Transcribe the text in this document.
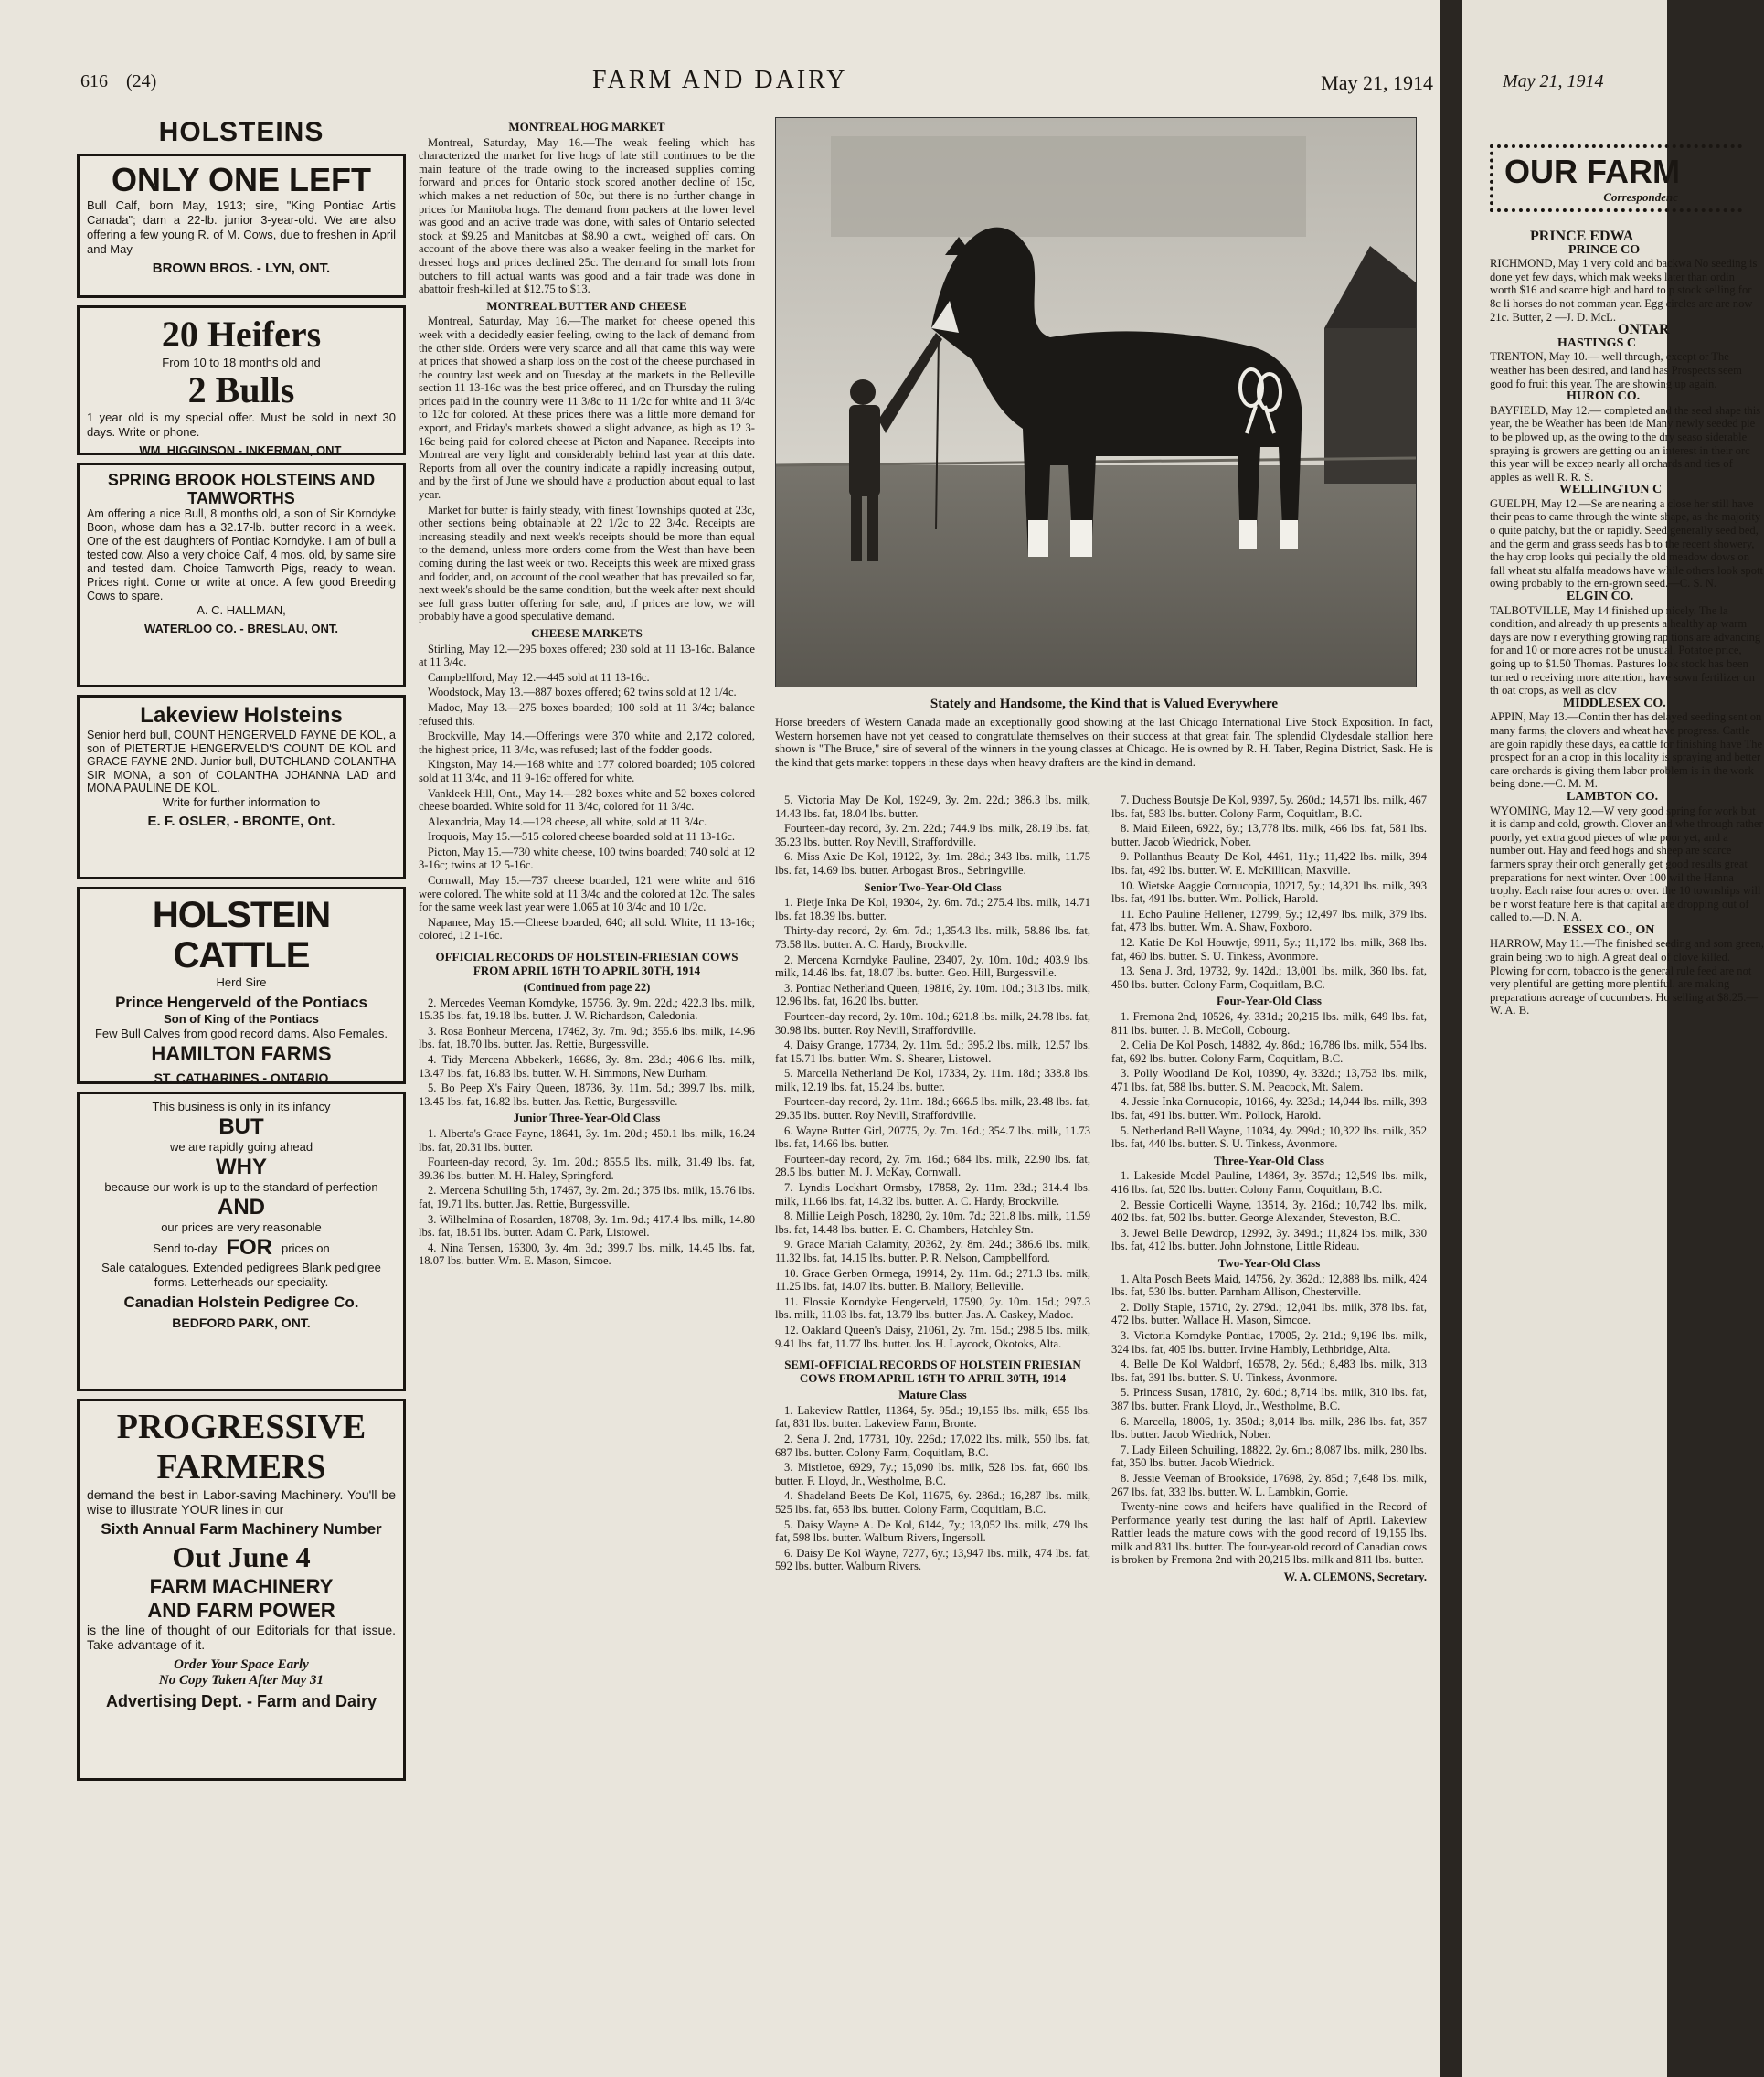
616 (24)	FARM AND DAIRY	May 21, 1914
HOLSTEINS
ONLY ONE LEFT
Bull Calf, born May, 1913; sire, "King Pontiac Artis Canada"; dam a 22-lb. junior 3-year-old. We are also offering a few young R. of M. Cows, due to freshen in April and May
BROWN BROS. - LYN, ONT.
20 Heifers
From 10 to 18 months old and
2 Bulls
1 year old is my special offer. Must be sold in next 30 days. Write or phone.
WM. HIGGINSON - INKERMAN, ONT.
SPRING BROOK HOLSTEINS AND TAMWORTHS
Am offering a nice Bull, 8 months old, a son of Sir Korndyke Boon, whose dam has a 32.17-lb. butter record in a week. One of the est daughters of Pontiac Korndyke. I am of bull a tested cow. Also a very choice Calf, 4 mos. old, by same sire and tested dam. Choice Tamworth Pigs, ready to wean. Prices right. Come or write at once. A few good Breeding Cows to spare.
A. C. HALLMAN,
WATERLOO CO. - BRESLAU, ONT.
Lakeview Holsteins
Senior herd bull, COUNT HENGERVELD FAYNE DE KOL, a son of PIETERTJE HENGERVELD'S COUNT DE KOL and GRACE FAYNE 2ND. Junior bull, DUTCHLAND COLANTHA SIR MONA, a son of COLANTHA JOHANNA LAD and MONA PAULINE DE KOL.
Write for further information to
E. F. OSLER, - BRONTE, Ont.
HOLSTEIN CATTLE
Herd Sire
Prince Hengerveld of the Pontiacs
Son of King of the Pontiacs
Few Bull Calves from good record dams. Also Females.
HAMILTON FARMS
ST. CATHARINES - ONTARIO
This business is only in its infancy
BUT
we are rapidly going ahead
WHY
because our work is up to the standard of perfection
AND
our prices are very reasonable
Send to-day FOR prices on
Sale catalogues. Extended pedigrees Blank pedigree forms. Letterheads our speciality.
Canadian Holstein Pedigree Co.
BEDFORD PARK, ONT.
PROGRESSIVE
FARMERS
demand the best in Labor-saving Machinery. You'll be wise to illustrate YOUR lines in our
Sixth Annual Farm Machinery Number
Out June 4
FARM MACHINERY
AND FARM POWER
is the line of thought of our Editorials for that issue. Take advantage of it.
Order Your Space Early
No Copy Taken After May 31
Advertising Dept. - Farm and Dairy
MONTREAL HOG MARKET

Montreal, Saturday, May 16.—The weak feeling which has characterized the market for live hogs of late still continues to be the main feature of the trade owing to the increased supplies coming forward and prices for Ontario stock scored another decline of 15c, which makes a net reduction of 50c, but there is no further change in prices for Manitoba hogs. The demand from packers at the lower level was good and an active trade was done, with sales of Ontario selected stock at $9.25 and Manitobas at $8.90 a cwt., weighed off cars. On account of the above there was also a weaker feeling in the market for dressed hogs and prices declined 25c. The demand for small lots from butchers to fill actual wants was good and a fair trade was done in abattoir fresh-killed at $12.75 to $13.

MONTREAL BUTTER AND CHEESE

Montreal, Saturday, May 16.—The market for cheese opened this week with a decidedly easier feeling, owing to the lack of demand from the other side. Orders were very scarce and all that came this way were at prices that showed a sharp loss on the cost of the cheese purchased in the country last week and on Tuesday at the markets in the Belleville section 11 13-16c was the best price offered, and on Thursday the ruling prices paid in the country were 11 3/8c to 11 1/2c for white and 11 3/4c to 12c for colored. At these prices there was a little more demand for export, and Friday's markets showed a slight advance, as high as 12 3-16c being paid for colored cheese at Picton and Napanee. Receipts into Montreal are very light and considerably behind last year at this date. Reports from all over the country indicate a rapidly increasing output, and by the first of June we should have a production about equal to last year.

Market for butter is fairly steady, with finest Townships quoted at 23c, other sections being obtainable at 22 1/2c to 22 3/4c. Receipts are increasing steadily and next week's receipts should be more than equal to the demand, unless more orders come from the West than have been coming during the last week or two. Receipts this week are mixed grass and fodder, and, on account of the cool weather that has prevailed so far, next week's should be the same condition, but the week after next should see full grass butter offering for sale, and, if prices are low, we will probably have a good speculative demand.

CHEESE MARKETS

Stirling, May 12.—295 boxes offered; 230 sold at 11 13-16c. Balance at 11 3/4c.

Campbellford, May 12.—445 sold at 11 13-16c.

Woodstock, May 13.—887 boxes offered; 62 twins sold at 12 1/4c.

Madoc, May 13.—275 boxes boarded; 100 sold at 11 3/4c; balance refused this.

Brockville, May 14.—Offerings were 370 white and 2,172 colored, the highest price, 11 3/4c, was refused; last of the fodder goods.

Kingston, May 14.—168 white and 177 colored boarded; 105 colored sold at 11 3/4c, and 11 9-16c offered for white.

Vankleek Hill, Ont., May 14.—282 boxes white and 52 boxes colored cheese boarded. White sold for 11 3/4c, colored for 11 3/4c.

Alexandria, May 14.—128 cheese, all white, sold at 11 3/4c.

Iroquois, May 15.—515 colored cheese boarded sold at 11 13-16c.

Picton, May 15.—730 white cheese, 100 twins boarded; 740 sold at 12 3-16c; twins at 12 5-16c.

Cornwall, May 15.—737 cheese boarded, 121 were white and 616 were colored. The white sold at 11 3/4c and the colored at 12c. The sales for the same week last year were 1,065 at 10 3/4c and 10 1/2c.

Napanee, May 15.—Cheese boarded, 640; all sold. White, 11 13-16c; colored, 12 1-16c.

OFFICIAL RECORDS OF HOLSTEIN-FRIESIAN COWS FROM APRIL 16TH TO APRIL 30TH, 1914
(Continued from page 22)

2. Mercedes Veeman Korndyke, 15756, 3y. 9m. 22d.; 422.3 lbs. milk, 15.35 lbs. fat, 19.18 lbs. butter. J. W. Richardson, Caledonia.

3. Rosa Bonheur Mercena, 17462, 3y. 7m. 9d.; 355.6 lbs. milk, 14.96 lbs. fat, 18.70 lbs. butter. Jas. Rettie, Burgessville.

4. Tidy Mercena Abbekerk, 16686, 3y. 8m. 23d.; 406.6 lbs. milk, 13.47 lbs. fat, 16.83 lbs. butter. W. H. Simmons, New Durham.

5. Bo Peep X's Fairy Queen, 18736, 3y. 11m. 5d.; 399.7 lbs. milk, 13.45 lbs. fat, 16.82 lbs. butter. Jas. Rettie, Burgessville.

Junior Three-Year-Old Class

1. Alberta's Grace Fayne, 18641, 3y. 1m. 20d.; 450.1 lbs. milk, 16.24 lbs. fat, 20.31 lbs. butter.

Fourteen-day record, 3y. 1m. 20d.; 855.5 lbs. milk, 31.49 lbs. fat, 39.36 lbs. butter. M. H. Haley, Springford.

2. Mercena Schuiling 5th, 17467, 3y. 2m. 2d.; 375 lbs. milk, 15.76 lbs. fat, 19.71 lbs. butter. Jas. Rettie, Burgessville.

3. Wilhelmina of Rosarden, 18708, 3y. 1m. 9d.; 417.4 lbs. milk, 14.80 lbs. fat, 18.51 lbs. butter. Adam C. Park, Listowel.

4. Nina Tensen, 16300, 3y. 4m. 3d.; 399.7 lbs. milk, 14.45 lbs. fat, 18.07 lbs. butter. Wm. E. Mason, Simcoe.

Stately and Handsome, the Kind that is Valued Everywhere
Horse breeders of Western Canada made an exceptionally good showing at the last Chicago International Live Stock Exposition. In fact, Western horsemen have not yet ceased to congratulate themselves on their success at that great fair. The splendid Clydesdale stallion here shown is "The Bruce," sire of several of the winners in the young classes at Chicago. He is owned by R. H. Taber, Regina District, Sask. He is the kind that gets market toppers in these days when heavy drafters are the kind in demand.

5. Victoria May De Kol, 19249, 3y. 2m. 22d.; 386.3 lbs. milk, 14.43 lbs. fat, 18.04 lbs. butter.

Fourteen-day record, 3y. 2m. 22d.; 744.9 lbs. milk, 28.19 lbs. fat, 35.23 lbs. butter. Roy Nevill, Straffordville.

6. Miss Axie De Kol, 19122, 3y. 1m. 28d.; 343 lbs. milk, 11.75 lbs. fat, 14.69 lbs. butter. Arbogast Bros., Sebringville.

Senior Two-Year-Old Class

1. Pietje Inka De Kol, 19304, 2y. 6m. 7d.; 275.4 lbs. milk, 14.71 lbs. fat 18.39 lbs. butter.

Thirty-day record, 2y. 6m. 7d.; 1,354.3 lbs. milk, 58.86 lbs. fat, 73.58 lbs. butter. A. C. Hardy, Brockville.

2. Mercena Korndyke Pauline, 23407, 2y. 10m. 10d.; 403.9 lbs. milk, 14.46 lbs. fat, 18.07 lbs. butter. Geo. Hill, Burgessville.

3. Pontiac Netherland Queen, 19816, 2y. 10m. 10d.; 313 lbs. milk, 12.96 lbs. fat, 16.20 lbs. butter.

Fourteen-day record, 2y. 10m. 10d.; 621.8 lbs. milk, 24.78 lbs. fat, 30.98 lbs. butter. Roy Nevill, Straffordville.

4. Daisy Grange, 17734, 2y. 11m. 5d.; 395.2 lbs. milk, 12.57 lbs. fat 15.71 lbs. butter. Wm. S. Shearer, Listowel.

5. Marcella Netherland De Kol, 17334, 2y. 11m. 18d.; 338.8 lbs. milk, 12.19 lbs. fat, 15.24 lbs. butter.

Fourteen-day record, 2y. 11m. 18d.; 666.5 lbs. milk, 23.48 lbs. fat, 29.35 lbs. butter. Roy Nevill, Straffordville.

6. Wayne Butter Girl, 20775, 2y. 7m. 16d.; 354.7 lbs. milk, 11.73 lbs. fat, 14.66 lbs. butter.

Fourteen-day record, 2y. 7m. 16d.; 684 lbs. milk, 22.90 lbs. fat, 28.5 lbs. butter. M. J. McKay, Cornwall.

7. Lyndis Lockhart Ormsby, 17858, 2y. 11m. 23d.; 314.4 lbs. milk, 11.66 lbs. fat, 14.32 lbs. butter. A. C. Hardy, Brockville.

8. Millie Leigh Posch, 18280, 2y. 10m. 7d.; 321.8 lbs. milk, 11.59 lbs. fat, 14.48 lbs. butter. E. C. Chambers, Hatchley Stn.

9. Grace Mariah Calamity, 20362, 2y. 8m. 24d.; 386.6 lbs. milk, 11.32 lbs. fat, 14.15 lbs. butter. P. R. Nelson, Campbellford.

10. Grace Gerben Ormega, 19914, 2y. 11m. 6d.; 271.3 lbs. milk, 11.25 lbs. fat, 14.07 lbs. butter. B. Mallory, Belleville.

11. Flossie Korndyke Hengerveld, 17590, 2y. 10m. 15d.; 297.3 lbs. milk, 11.03 lbs. fat, 13.79 lbs. butter. Jas. A. Caskey, Madoc.

12. Oakland Queen's Daisy, 21061, 2y. 7m. 15d.; 298.5 lbs. milk, 9.41 lbs. fat, 11.77 lbs. butter. Jos. H. Laycock, Okotoks, Alta.

SEMI-OFFICIAL RECORDS OF HOLSTEIN FRIESIAN COWS FROM APRIL 16TH TO APRIL 30TH, 1914
Mature Class

1. Lakeview Rattler, 11364, 5y. 95d.; 19,155 lbs. milk, 655 lbs. fat, 831 lbs. butter. Lakeview Farm, Bronte.

2. Sena J. 2nd, 17731, 10y. 226d.; 17,022 lbs. milk, 550 lbs. fat, 687 lbs. butter. Colony Farm, Coquitlam, B.C.

3. Mistletoe, 6929, 7y.; 15,090 lbs. milk, 528 lbs. fat, 660 lbs. butter. F. Lloyd, Jr., Westholme, B.C.

4. Shadeland Beets De Kol, 11675, 6y. 286d.; 16,287 lbs. milk, 525 lbs. fat, 653 lbs. butter. Colony Farm, Coquitlam, B.C.

5. Daisy Wayne A. De Kol, 6144, 7y.; 13,052 lbs. milk, 479 lbs. fat, 598 lbs. butter. Walburn Rivers, Ingersoll.

6. Daisy De Kol Wayne, 7277, 6y.; 13,947 lbs. milk, 474 lbs. fat, 592 lbs. butter. Walburn Rivers.

7. Duchess Boutsje De Kol, 9397, 5y. 260d.; 14,571 lbs. milk, 467 lbs. fat, 583 lbs. butter. Colony Farm, Coquitlam, B.C.

8. Maid Eileen, 6922, 6y.; 13,778 lbs. milk, 466 lbs. fat, 581 lbs. butter. Jacob Wiedrick, Nober.

9. Pollanthus Beauty De Kol, 4461, 11y.; 11,422 lbs. milk, 394 lbs. fat, 492 lbs. butter. W. E. McKillican, Maxville.

10. Wietske Aaggie Cornucopia, 10217, 5y.; 14,321 lbs. milk, 393 lbs. fat, 491 lbs. butter. Wm. Pollick, Harold.

11. Echo Pauline Hellener, 12799, 5y.; 12,497 lbs. milk, 379 lbs. fat, 473 lbs. butter. Wm. A. Shaw, Foxboro.

12. Katie De Kol Houwtje, 9911, 5y.; 11,172 lbs. milk, 368 lbs. fat, 460 lbs. butter. S. U. Tinkess, Avonmore.

13. Sena J. 3rd, 19732, 9y. 142d.; 13,001 lbs. milk, 360 lbs. fat, 450 lbs. butter. Colony Farm, Coquitlam, B.C.

Four-Year-Old Class

1. Fremona 2nd, 10526, 4y. 331d.; 20,215 lbs. milk, 649 lbs. fat, 811 lbs. butter. J. B. McColl, Cobourg.

2. Celia De Kol Posch, 14882, 4y. 86d.; 16,786 lbs. milk, 554 lbs. fat, 692 lbs. butter. Colony Farm, Coquitlam, B.C.

3. Polly Woodland De Kol, 10390, 4y. 332d.; 13,753 lbs. milk, 471 lbs. fat, 588 lbs. butter. S. M. Peacock, Mt. Salem.

4. Jessie Inka Cornucopia, 10166, 4y. 323d.; 14,044 lbs. milk, 393 lbs. fat, 491 lbs. butter. Wm. Pollock, Harold.

5. Netherland Bell Wayne, 11034, 4y. 299d.; 10,322 lbs. milk, 352 lbs. fat, 440 lbs. butter. S. U. Tinkess, Avonmore.

Three-Year-Old Class

1. Lakeside Model Pauline, 14864, 3y. 357d.; 12,549 lbs. milk, 416 lbs. fat, 520 lbs. butter. Colony Farm, Coquitlam, B.C.

2. Bessie Corticelli Wayne, 13514, 3y. 216d.; 10,742 lbs. milk, 402 lbs. fat, 502 lbs. butter. George Alexander, Steveston, B.C.

3. Jewel Belle Dewdrop, 12992, 3y. 349d.; 11,824 lbs. milk, 330 lbs. fat, 412 lbs. butter. John Johnstone, Little Rideau.

Two-Year-Old Class

1. Alta Posch Beets Maid, 14756, 2y. 362d.; 12,888 lbs. milk, 424 lbs. fat, 530 lbs. butter. Parnham Allison, Chesterville.

2. Dolly Staple, 15710, 2y. 279d.; 12,041 lbs. milk, 378 lbs. fat, 472 lbs. butter. Wallace H. Mason, Simcoe.

3. Victoria Korndyke Pontiac, 17005, 2y. 21d.; 9,196 lbs. milk, 324 lbs. fat, 405 lbs. butter. Irvine Hambly, Lethbridge, Alta.

4. Belle De Kol Waldorf, 16578, 2y. 56d.; 8,483 lbs. milk, 313 lbs. fat, 391 lbs. butter. S. U. Tinkess, Avonmore.

5. Princess Susan, 17810, 2y. 60d.; 8,714 lbs. milk, 310 lbs. fat, 387 lbs. butter. Frank Lloyd, Jr., Westholme, B.C.

6. Marcella, 18006, 1y. 350d.; 8,014 lbs. milk, 286 lbs. fat, 357 lbs. butter. Jacob Wiedrick, Nober.

7. Lady Eileen Schuiling, 18822, 2y. 6m.; 8,087 lbs. milk, 280 lbs. fat, 350 lbs. butter. Jacob Wiedrick.

8. Jessie Veeman of Brookside, 17698, 2y. 85d.; 7,648 lbs. milk, 267 lbs. fat, 333 lbs. butter. W. L. Lambkin, Gorrie.

Twenty-nine cows and heifers have qualified in the Record of Performance yearly test during the last half of April. Lakeview Rattler leads the mature cows with the good record of 19,155 lbs. milk and 831 lbs. butter. The four-year-old record of Canadian cows is broken by Fremona 2nd with 20,215 lbs. milk and 811 lbs. butter.

W. A. CLEMONS, Secretary.
May 21, 1914
OUR FARM
Correspondenc
PRINCE EDWA
PRINCE CO
RICHMOND, May 1 very cold and backwa No seeding is done yet few days, which mak weeks later than ordin worth $16 and scarce high and hard to p stock selling for 8c li horses do not comman year. Egg circles are are now 21c. Butter, 2 —J. D. McL.
ONTAR
HASTINGS C
TRENTON, May 10.— well through, except or The weather has been desired, and land has Prospects seem good fo fruit this year. The are showing up again.
HURON CO.
BAYFIELD, May 12.— completed and the seed shape this year, the be Weather has been ide Many newly seeded pie to be plowed up, as the owing to the dry seaso siderable spraying is growers are getting ou an interest in their orc this year will be excep nearly all orchards and ties of apples as well R. R. S.
WELLINGTON C
GUELPH, May 12.—Se are nearing a close her still have their peas to came through the winte shape, as the majority o quite patchy, but the or rapidly. Seed generally seed bed, and the germ and grass seeds has b to the recent showery, the hay crop looks qui pecially the old meadow dows on fall wheat stu alfalfa meadows have while others look spott owing probably to the ern-grown seed.—C. S. N.
ELGIN CO.
TALBOTVILLE, May 14 finished up nicely. The la condition, and already th up presents a healthy ap warm days are now r everything growing rap tions are advancing for and 10 or more acres not be unusual. Potatoe price, going up to $1.50 Thomas. Pastures look stock has been turned o receiving more attention, have sown fertilizer on th oat crops, as well as clov
MIDDLESEX CO.
APPIN, May 13.—Contin ther has delayed seeding sent on many farms, the clovers and wheat have progress. Cattle are goin rapidly these days, ea cattle for finishing have The prospect for an a crop in this locality is spraying and better care orchards is giving them labor problem is in the work being done.—C. M. M.
LAMBTON CO.
WYOMING, May 12.—W very good spring for work but it is damp and cold, growth. Clover and whe through rather poorly, yet extra good pieces of whe poor yet, and a number out. Hay and feed hogs and sheep are scarce farmers spray their orch generally get good results great preparations for next winter. Over 100 wil the Hanna trophy. Each raise four acres or over. the 10 townships will be r worst feature here is that capital are dropping out of called to.—D. N. A.
ESSEX CO., ON
HARROW, May 11.—The finished seeding and som green, grain being two to high. A great deal of clove killed. Plowing for corn, tobacco is the general rule feed are not very plentiful are getting more plentiful. are making preparations acreage of cucumbers. Ho selling at $8.25.—W. A. B.
